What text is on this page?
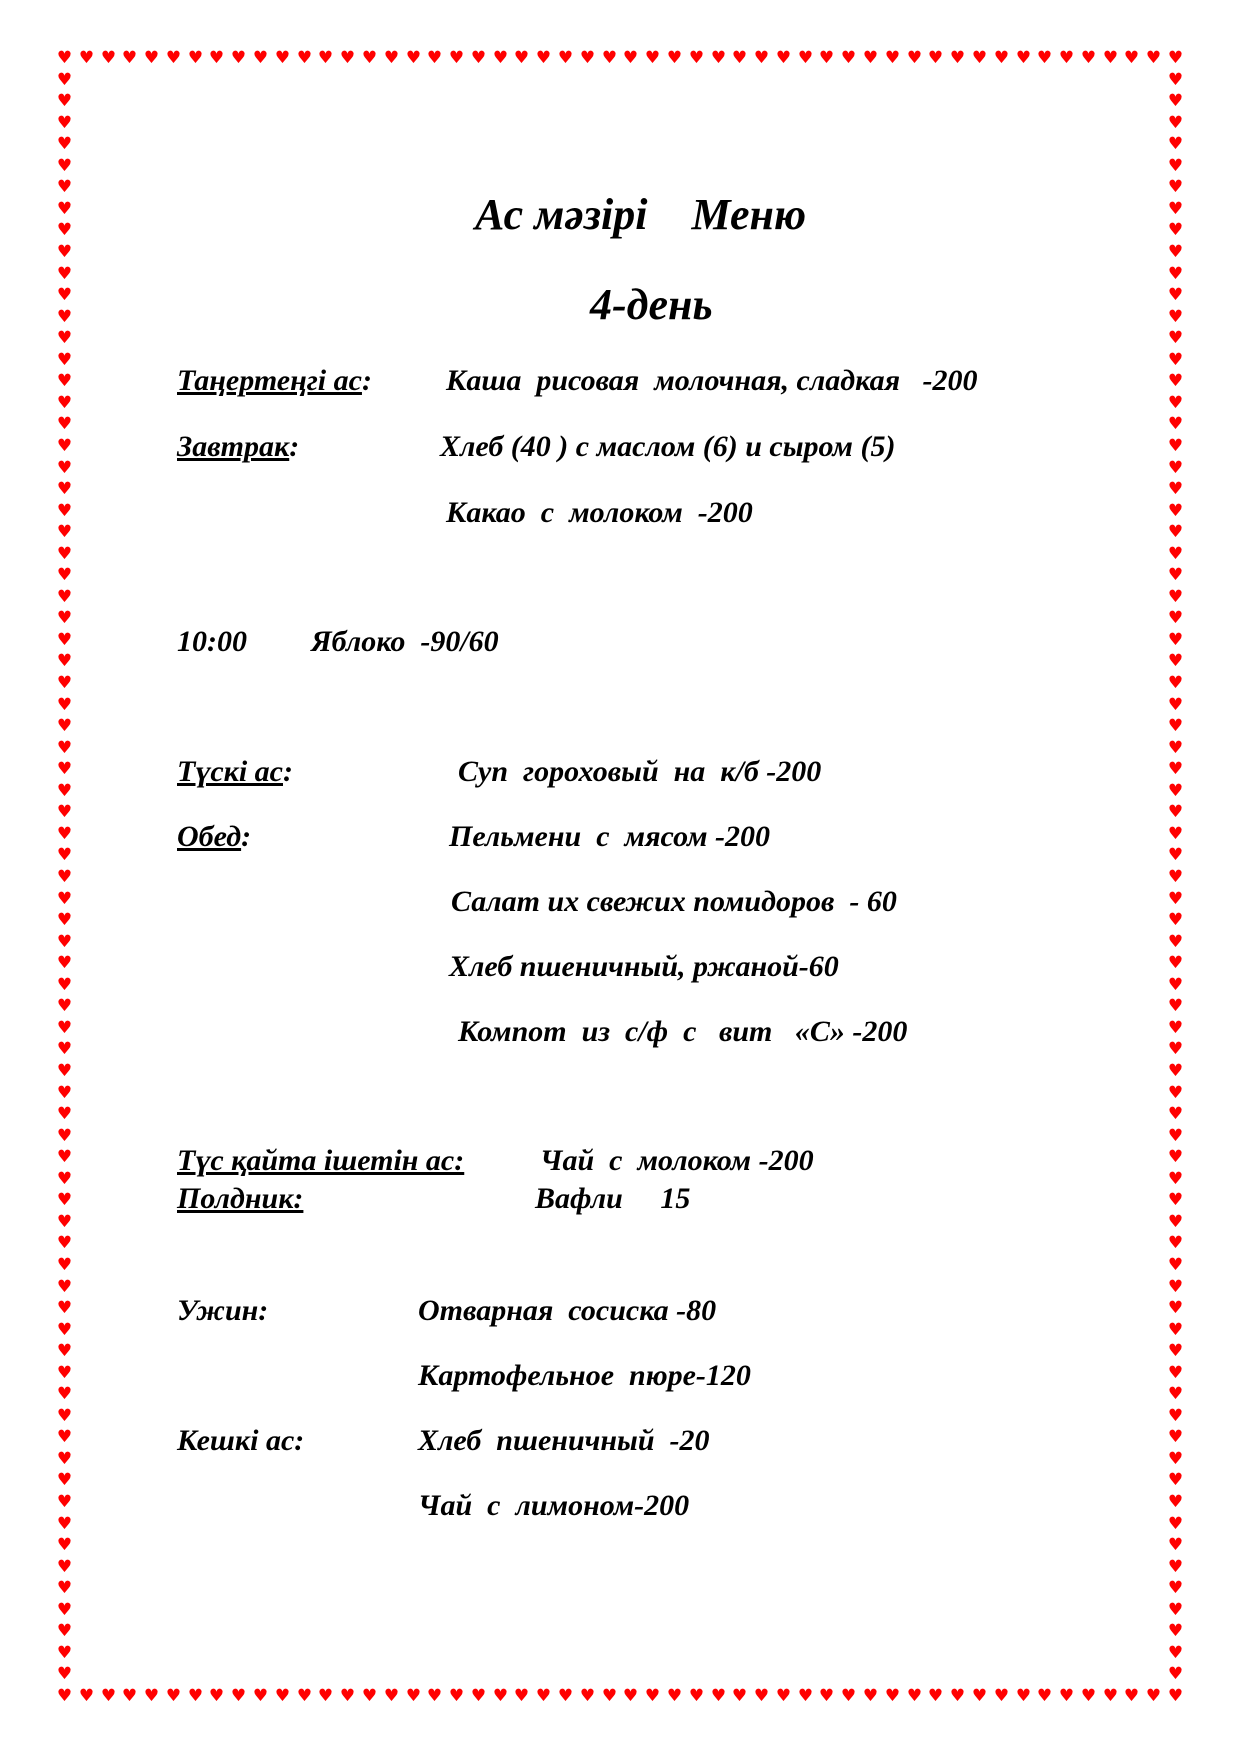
♥
♥
♥
♥
♥
♥
♥
♥
♥
♥
♥
♥
♥
♥
♥
♥
♥
♥
♥
♥
♥
♥
♥
♥
♥
♥
♥
♥
♥
♥
♥
♥
♥
♥
♥
♥
♥
♥
♥
♥
♥
♥
♥
♥
♥
♥
♥
♥
♥
♥
♥
♥
♥
♥
♥
♥
♥
♥
♥
♥
♥
♥
♥
♥
♥
♥
♥
♥
♥
♥
♥
♥
♥
♥
♥
♥
♥
♥
♥
♥
♥
♥
♥
♥
♥
♥
♥
♥
♥
♥
♥
♥
♥
♥
♥
♥
♥
♥
♥
♥
♥
♥
♥
♥
♥
♥
♥
♥
♥
♥
♥
♥
♥
♥
♥
♥
♥
♥
♥
♥
♥
♥
♥
♥
♥
♥
♥
♥
♥
♥
♥
♥
♥
♥
♥
♥
♥
♥
♥
♥
♥
♥
♥
♥
♥
♥
♥
♥
♥
♥
♥
♥
♥
♥
♥
♥
♥
♥
♥
♥
♥
♥
♥
♥
♥
♥
♥
♥
♥
♥
♥
♥
♥
♥
♥
♥
♥
♥
♥
♥
♥
♥
♥
♥
♥
♥
♥
♥
♥
♥
♥
♥
♥
♥
♥
♥
♥
♥
♥
♥
♥
♥
♥
♥
♥
♥
♥
♥
♥
♥
♥
♥
♥
♥
♥
♥
♥
♥
♥
♥
♥
♥
♥
♥
♥
♥
♥
♥
♥
♥
♥
♥
♥
♥
♥
♥
♥
♥
♥
♥
♥
♥
♥
♥
♥
♥
♥
♥
♥
♥
♥
♥
♥
♥
Ас мәзірі    Меню
4-день
Таңертеңгі ас: Каша  рисовая  молочная, сладкая   -200
Завтрак:	Хлеб (40 ) с маслом (6) и сыром (5)
Какао  с  молоком  -200
10:00 Яблоко  -90/60
Түскі ас:	Суп  гороховый  на  к/б -200
Обед:	Пельмени  с  мясом -200
Салат их свежих помидоров  - 60
Хлеб пшеничный, ржаной-60
Компот  из  с/ф  с   вит   «С» -200
Түс қайта ішетін ас:	Чай  с  молоком -200
Полдник:	Вафли     15
Ужин:	Отварная  сосиска -80
Картофельное  пюре-120
Кешкі ас:	Хлеб  пшеничный  -20
Чай  с  лимоном-200
